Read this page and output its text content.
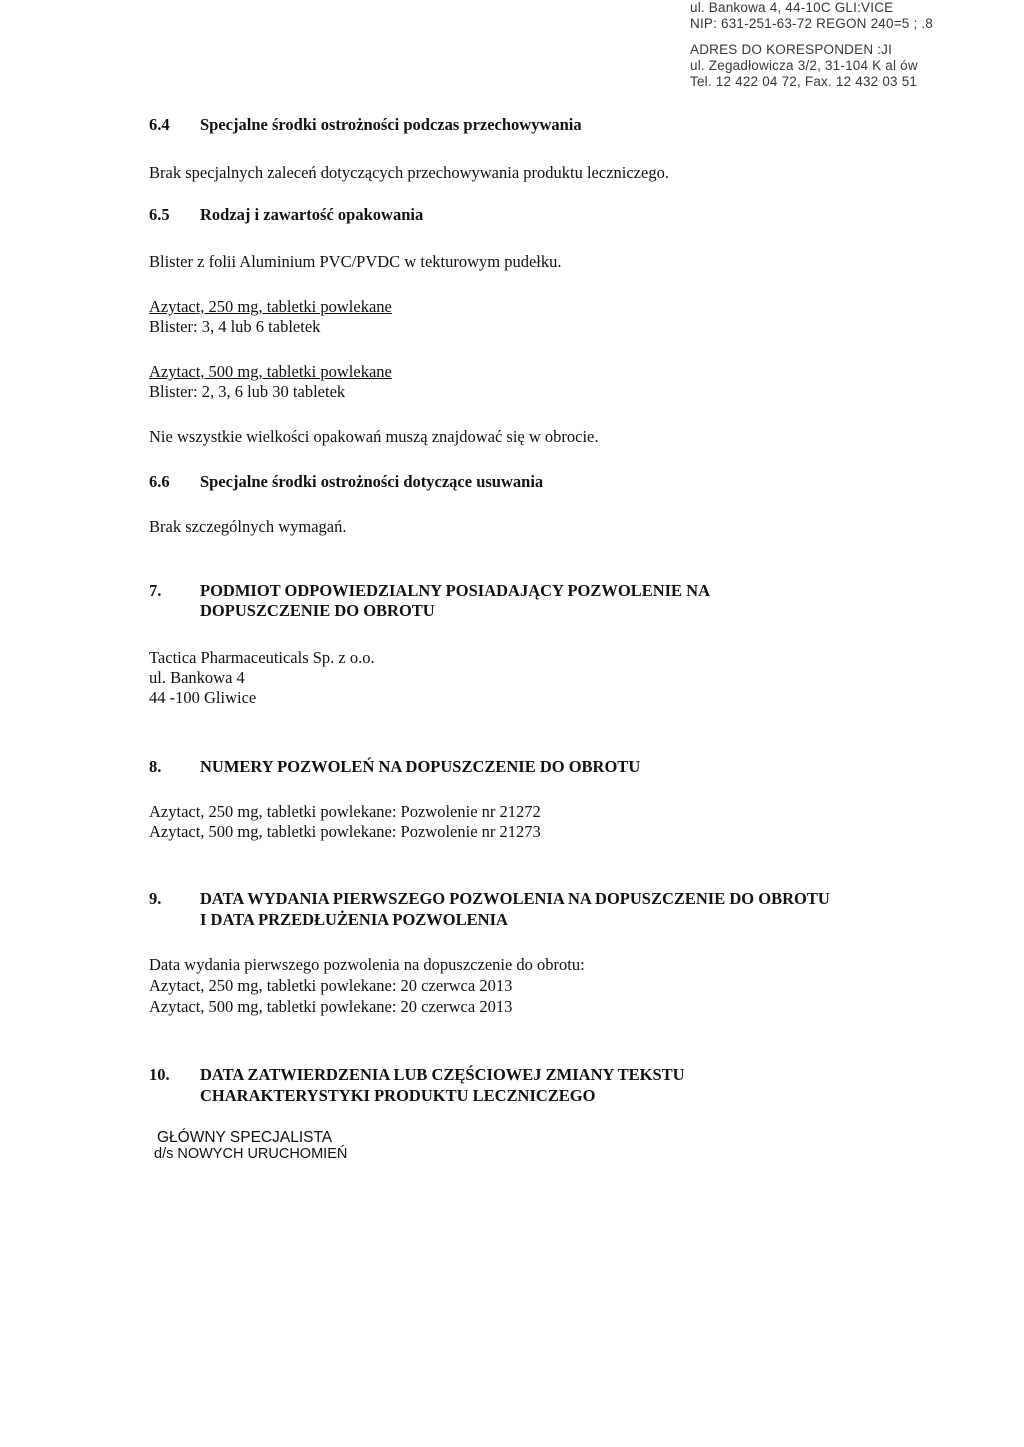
ul. Bankowa 4, 44-10C GLI:VICE
NIP: 631-251-63-72 REGON 240=5 ; .8
ADRES DO KORESPONDEN :JI
ul. Zegadłowicza 3/2, 31-104 K al ów
Tel. 12 422 04 72, Fax. 12 432 03 51
6.4 Specjalne środki ostrożności podczas przechowywania
Brak specjalnych zaleceń dotyczących przechowywania produktu leczniczego.
6.5 Rodzaj i zawartość opakowania
Blister z folii Aluminium PVC/PVDC w tekturowym pudełku.
Azytact, 250 mg, tabletki powlekane
Blister: 3, 4 lub 6 tabletek
Azytact, 500 mg, tabletki powlekane
Blister: 2, 3, 6 lub 30 tabletek
Nie wszystkie wielkości opakowań muszą znajdować się w obrocie.
6.6 Specjalne środki ostrożności dotyczące usuwania
Brak szczególnych wymagań.
7. PODMIOT ODPOWIEDZIALNY POSIADAJĄCY POZWOLENIE NA
DOPUSZCZENIE DO OBROTU
Tactica Pharmaceuticals Sp. z o.o.
ul. Bankowa 4
44 -100 Gliwice
8. NUMERY POZWOLEŃ NA DOPUSZCZENIE DO OBROTU
Azytact, 250 mg, tabletki powlekane: Pozwolenie nr 21272
Azytact, 500 mg, tabletki powlekane: Pozwolenie nr 21273
9. DATA WYDANIA PIERWSZEGO POZWOLENIA NA DOPUSZCZENIE DO OBROTU
I DATA PRZEDŁUŻENIA POZWOLENIA
Data wydania pierwszego pozwolenia na dopuszczenie do obrotu:
Azytact, 250 mg, tabletki powlekane: 20 czerwca 2013
Azytact, 500 mg, tabletki powlekane: 20 czerwca 2013
10. DATA ZATWIERDZENIA LUB CZĘŚCIOWEJ ZMIANY TEKSTU
CHARAKTERYSTYKI PRODUKTU LECZNICZEGO
GŁÓWNY SPECJALISTA
d/s NOWYCH URUCHOMIEŃ
